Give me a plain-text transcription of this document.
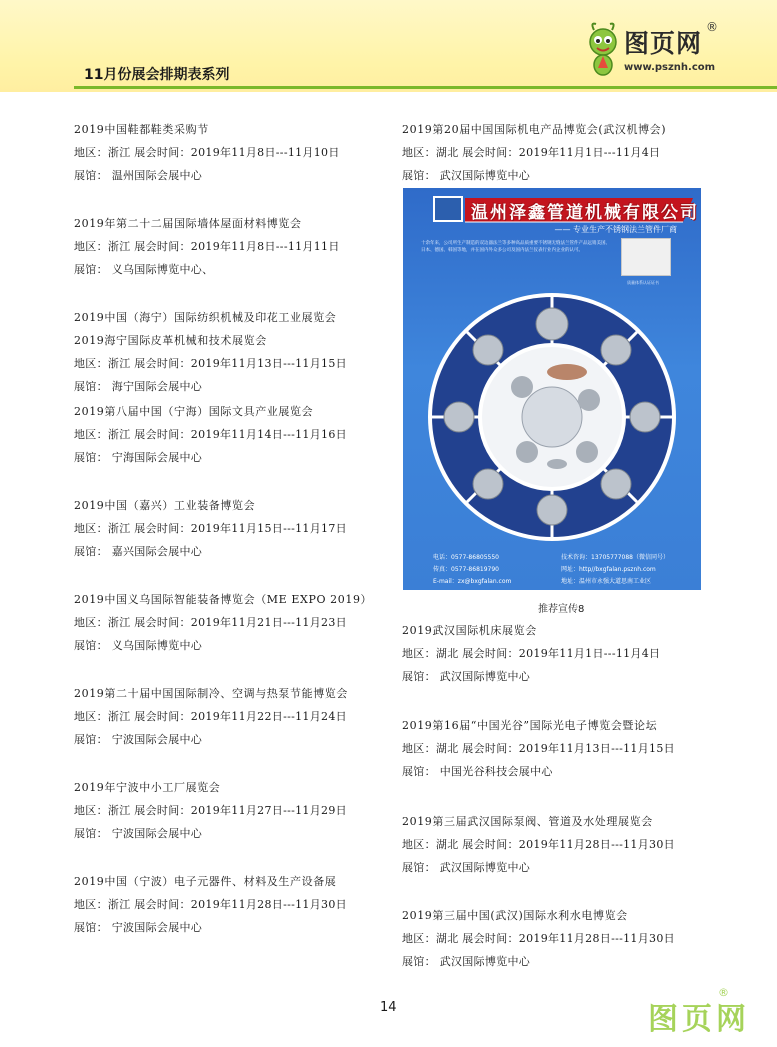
11月份展会排期表系列
图页网
®
www.psznh.com
2019中国鞋都鞋类采购节
地区：浙江 展会时间：2019年11月8日---11月10日
展馆： 温州国际会展中心
2019年第二十二届国际墙体屋面材料博览会
地区：浙江 展会时间：2019年11月8日---11月11日
展馆： 义乌国际博览中心、
2019中国（海宁）国际纺织机械及印花工业展览会
2019海宁国际皮革机械和技术展览会
地区：浙江 展会时间：2019年11月13日---11月15日
展馆： 海宁国际会展中心
2019第八届中国（宁海）国际文具产业展览会
地区：浙江 展会时间：2019年11月14日---11月16日
展馆： 宁海国际会展中心
2019中国（嘉兴）工业装备博览会
地区：浙江 展会时间：2019年11月15日---11月17日
展馆： 嘉兴国际会展中心
2019中国义乌国际智能装备博览会（ME EXPO 2019）
地区：浙江 展会时间：2019年11月21日---11月23日
展馆： 义乌国际博览中心
2019第二十届中国国际制冷、空调与热泵节能博览会
地区：浙江 展会时间：2019年11月22日---11月24日
展馆： 宁波国际会展中心
2019年宁波中小工厂展览会
地区：浙江 展会时间：2019年11月27日---11月29日
展馆： 宁波国际会展中心
2019中国（宁波）电子元器件、材料及生产设备展
地区：浙江 展会时间：2019年11月28日---11月30日
展馆： 宁波国际会展中心
2019第20届中国国际机电产品博览会(武汉机博会)
地区：湖北 展会时间：2019年11月1日---11月4日
展馆： 武汉国际博览中心
温州泽鑫管道机械有限公司
—— 专业生产不锈钢法兰管件厂商
十余年来，公司所生产制造的双边器法兰等多种高品质重要不锈钢无缝法兰管件产品远销美国、日本、德国、韩国等地，并在国内外众多公司及国内法兰仪表行业内企业的认可。
质量体系认证证书
电话：0577-86805550
传真：0577-86819790
E-mail：zx@bxgfalan.com
技术咨询：13705777088（微信同号）
网址：http//bxgfalan.psznh.com
地址：温州市永强大道思南工业区
推荐宣传8
2019武汉国际机床展览会
地区：湖北 展会时间：2019年11月1日---11月4日
展馆： 武汉国际博览中心
2019第16届“中国光谷”国际光电子博览会暨论坛
地区：湖北 展会时间：2019年11月13日---11月15日
展馆： 中国光谷科技会展中心
2019第三届武汉国际泵阀、管道及水处理展览会
地区：湖北 展会时间：2019年11月28日---11月30日
展馆： 武汉国际博览中心
2019第三届中国(武汉)国际水利水电博览会
地区：湖北 展会时间：2019年11月28日---11月30日
展馆： 武汉国际博览中心
14	图页网
®
